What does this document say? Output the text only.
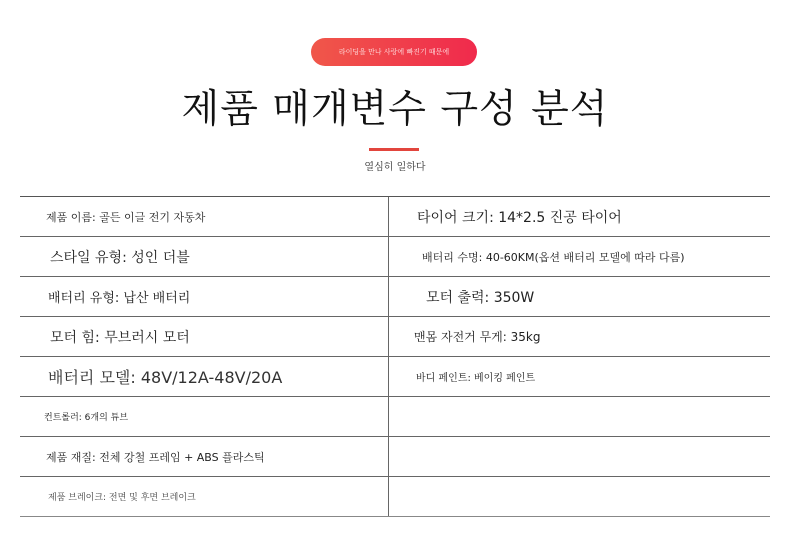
라이딩을 만나 사랑에 빠진기 때문에
제품 매개변수 구성 분석
열심히 일하다
제품 이름: 골든 이글 전기 자동차	타이어 크기: 14*2.5 진공 타이어
스타일 유형: 성인 더블	배터리 수명: 40-60KM(옵션 배터리 모델에 따라 다름)
배터리 유형: 납산 배터리	모터 출력: 350W
모터 힘: 무브러시 모터	맨몸 자전거 무게: 35kg
배터리 모델: 48V/12A-48V/20A	바디 페인트: 베이킹 페인트
컨트롤러: 6개의 튜브
제품 재질: 전체 강철 프레임 + ABS 플라스틱
제품 브레이크: 전면 및 후면 브레이크
